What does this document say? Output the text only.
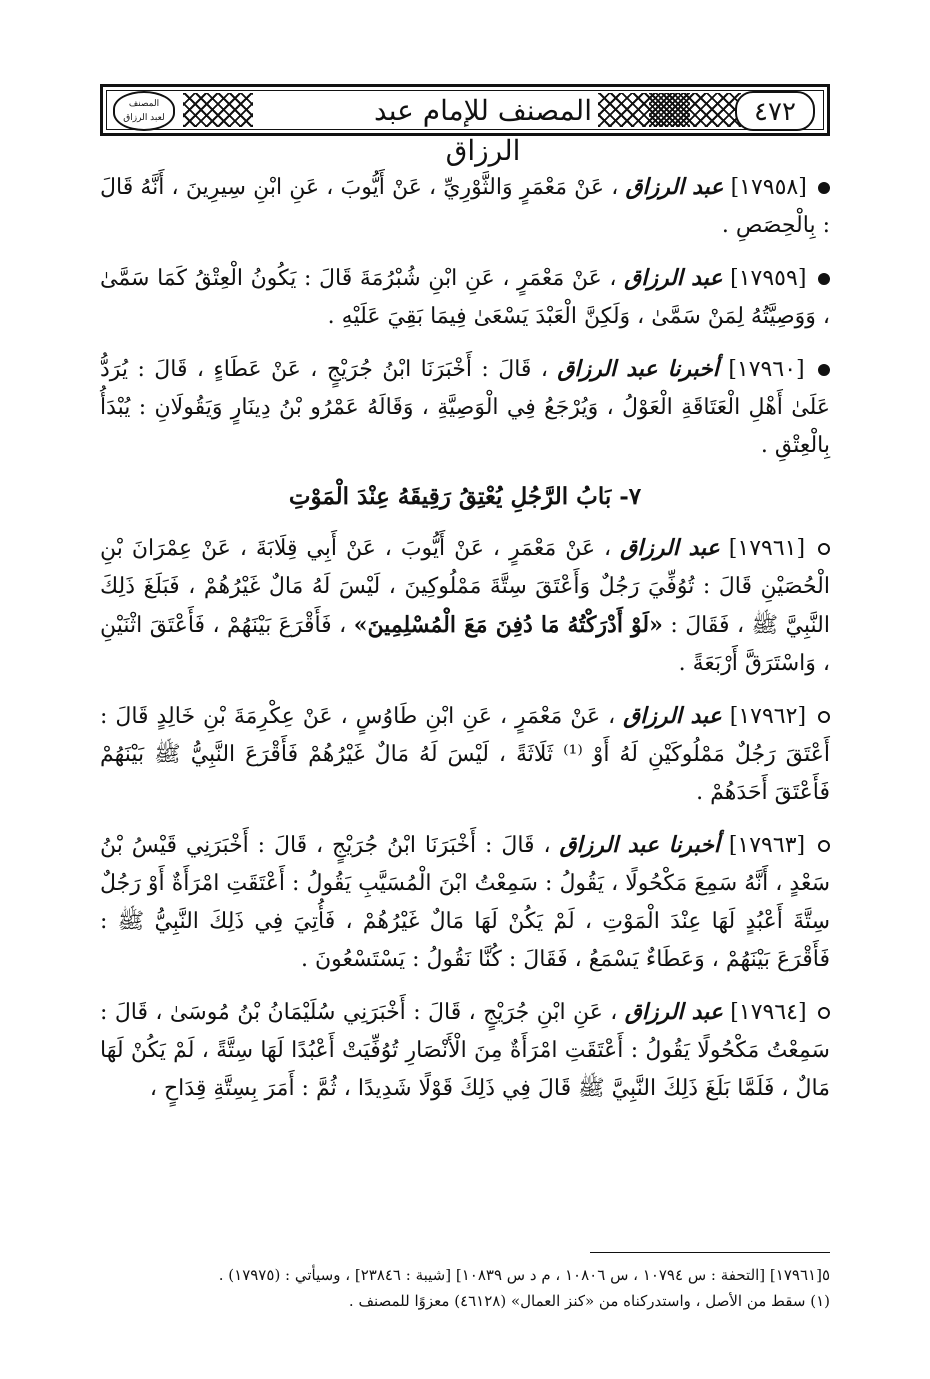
المصنف
لعبد الرزاق	المصنف للإمام عبد الرزاق
٤٧٢

[١٧٩٥٨] عبد الرزاق ، عَنْ مَعْمَرٍ وَالثَّوْرِيِّ ، عَنْ أَيُّوبَ ، عَنِ ابْنِ سِيرِينَ ، أَنَّهُ قَالَ : بِالْحِصَصِ .

[١٧٩٥٩] عبد الرزاق ، عَنْ مَعْمَرٍ ، عَنِ ابْنِ شُبْرُمَةَ قَالَ : يَكُونُ الْعِتْقُ كَمَا سَمَّىٰ ، وَوَصِيَّتُهُ لِمَنْ سَمَّىٰ ، وَلَكِنَّ الْعَبْدَ يَسْعَىٰ فِيمَا بَقِيَ عَلَيْهِ .

[١٧٩٦٠] أخبرنا عبد الرزاق ، قَالَ : أَخْبَرَنَا ابْنُ جُرَيْجٍ ، عَنْ عَطَاءٍ ، قَالَ : يُرَدُّ عَلَىٰ أَهْلِ الْعَتَاقَةِ الْعَوْلُ ، وَيُرْجَعُ فِي الْوَصِيَّةِ ، وَقَالَهُ عَمْرُو بْنُ دِينَارٍ وَيَقُولَانِ : يُبْدَأُ بِالْعِتْقِ .

٧- بَابُ الرَّجُلِ يُعْتِقُ رَقِيقَهُ عِنْدَ الْمَوْتِ

[١٧٩٦١] عبد الرزاق ، عَنْ مَعْمَرٍ ، عَنْ أَيُّوبَ ، عَنْ أَبِي قِلَابَةَ ، عَنْ عِمْرَانَ بْنِ الْحُصَيْنِ قَالَ : تُوُفِّيَ رَجُلٌ وَأَعْتَقَ سِتَّةَ مَمْلُوكِينَ ، لَيْسَ لَهُ مَالٌ غَيْرُهُمْ ، فَبَلَغَ ذَلِكَ النَّبِيَّ ﷺ ، فَقَالَ : «لَوْ أَدْرَكْتُهُ مَا دُفِنَ مَعَ الْمُسْلِمِينَ» ، فَأَقْرَعَ بَيْنَهُمْ ، فَأَعْتَقَ اثْنَيْنِ ، وَاسْتَرَقَّ أَرْبَعَةً .

[١٧٩٦٢] عبد الرزاق ، عَنْ مَعْمَرٍ ، عَنِ ابْنِ طَاوُسٍ ، عَنْ عِكْرِمَةَ بْنِ خَالِدٍ قَالَ : أَعْتَقَ رَجُلٌ مَمْلُوكَيْنِ لَهُ أَوْ ⁽¹⁾ ثَلَاثَةً ، لَيْسَ لَهُ مَالٌ غَيْرُهُمْ فَأَقْرَعَ النَّبِيُّ ﷺ بَيْنَهُمْ فَأَعْتَقَ أَحَدَهُمْ .

[١٧٩٦٣] أخبرنا عبد الرزاق ، قَالَ : أَخْبَرَنَا ابْنُ جُرَيْجٍ ، قَالَ : أَخْبَرَنِي قَيْسُ بْنُ سَعْدٍ ، أَنَّهُ سَمِعَ مَكْحُولًا ، يَقُولُ : سَمِعْتُ ابْنَ الْمُسَيَّبِ يَقُولُ : أَعْتَقَتِ امْرَأَةٌ أَوْ رَجُلٌ سِتَّةَ أَعْبُدٍ لَهَا عِنْدَ الْمَوْتِ ، لَمْ يَكُنْ لَهَا مَالٌ غَيْرُهُمْ ، فَأُتِيَ فِي ذَلِكَ النَّبِيُّ ﷺ : فَأَقْرَعَ بَيْنَهُمْ ، وَعَطَاءٌ يَسْمَعُ ، فَقَالَ : كُنَّا نَقُولُ : يَسْتَسْعُونَ .

[١٧٩٦٤] عبد الرزاق ، عَنِ ابْنِ جُرَيْجٍ ، قَالَ : أَخْبَرَنِي سُلَيْمَانُ بْنُ مُوسَىٰ ، قَالَ : سَمِعْتُ مَكْحُولًا يَقُولُ : أَعْتَقَتِ امْرَأَةٌ مِنَ الْأَنْصَارِ تُوُفِّيَتْ أَعْبُدًا لَهَا سِتَّةً ، لَمْ يَكُنْ لَهَا مَالٌ ، فَلَمَّا بَلَغَ ذَلِكَ النَّبِيَّ ﷺ قَالَ فِي ذَلِكَ قَوْلًا شَدِيدًا ، ثُمَّ : أَمَرَ بِسِتَّةِ قِدَاحٍ ،

٥[١٧٩٦١] [التحفة : س ١٠٧٩٤ ، س ١٠٨٠٦ ، م د س ١٠٨٣٩] [شيبة : ٢٣٨٤٦] ، وسيأتي : (١٧٩٧٥) .

(١) سقط من الأصل ، واستدركناه من «كنز العمال» (٤٦١٢٨) معزوًا للمصنف .
